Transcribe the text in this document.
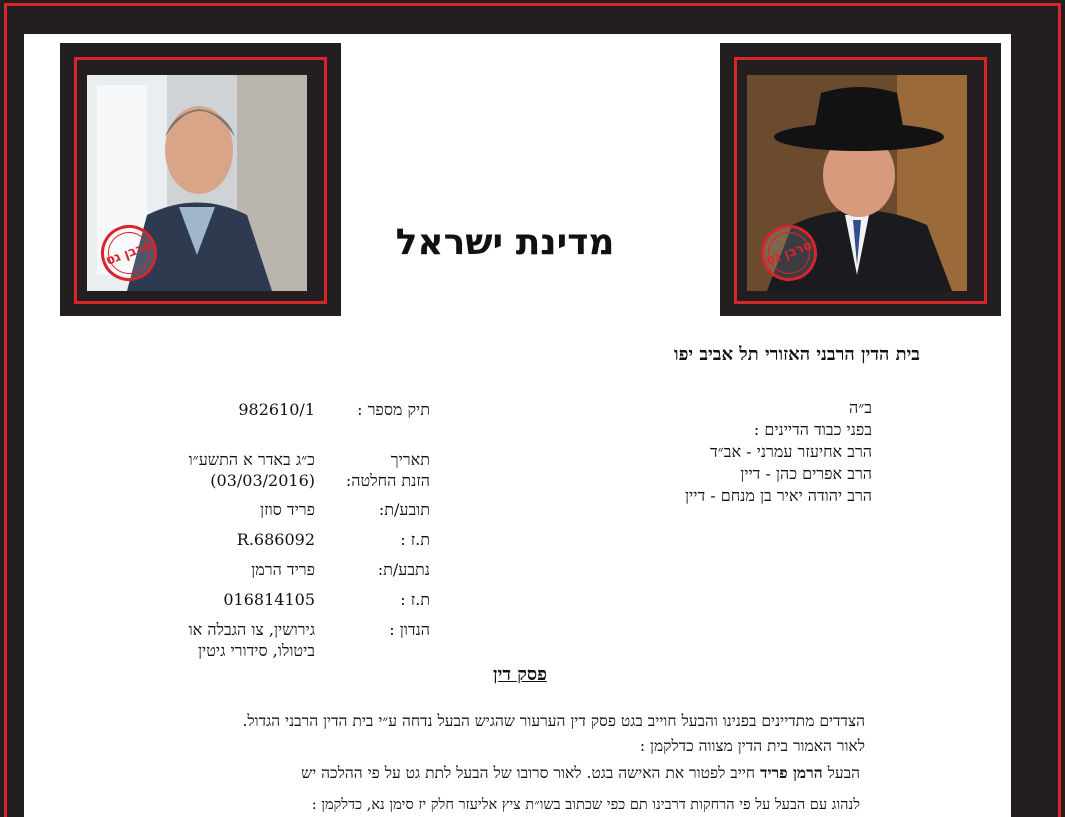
סרבן גט	סרבן גט
מדינת ישראל
בית הדין הרבני האזורי תל אביב יפו
ב״ה
בפני כבוד הדיינים :
הרב אחיעזר עמרני - אב״ד
הרב אפרים כהן - דיין
הרב יהודה יאיר בן מנחם - דיין
תיק מספר :
982610/1
תאריך
הזנת החלטה:
כ״ג באדר א התשע״ו
(03/03/2016)
תובע/ת:
פריד סוזן
ת.ז :
R.686092
נתבע/ת:
פריד הרמן
ת.ז :
016814105
הנדון :
גירושין, צו הגבלה או
ביטולו, סידורי גיטין
פסק דין
הצדדים מתדיינים בפנינו והבעל חוייב בגט פסק דין הערעור שהגיש הבעל נדחה ע״י בית הדין הרבני הגדול.
לאור האמור בית הדין מצווה כדלקמן :
הבעל הרמן פריד חייב לפטור את האישה בגט. לאור סרובו של הבעל לתת גט על פי ההלכה יש
לנהוג עם הבעל על פי הרחקות דרבינו תם כפי שכתוב בשו״ת ציץ אליעזר חלק יז סימן נא, כדלקמן :
